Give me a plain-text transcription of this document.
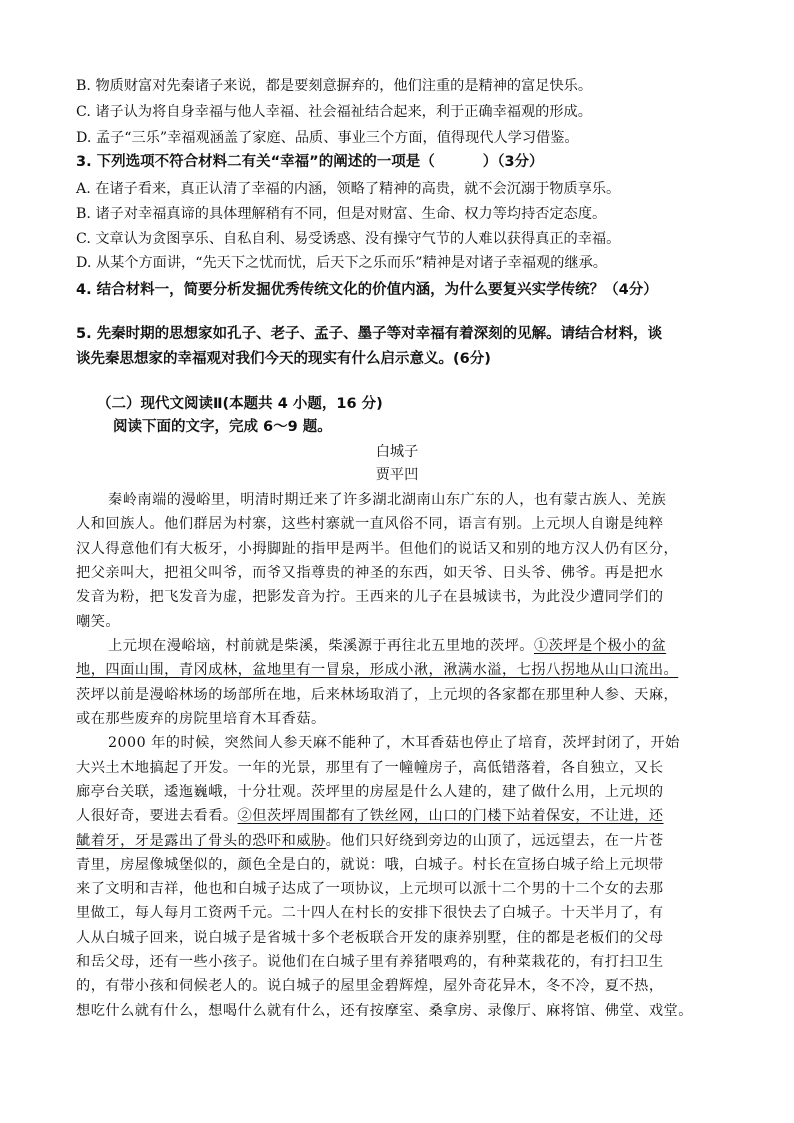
B. 物质财富对先秦诸子来说，都是要刻意摒弃的，他们注重的是精神的富足快乐。
C. 诸子认为将自身幸福与他人幸福、社会福祉结合起来，利于正确幸福观的形成。
D. 孟子“三乐”幸福观涵盖了家庭、品质、事业三个方面，值得现代人学习借鉴。
3. 下列选项不符合材料二有关“幸福”的阐述的一项是（	）（3分）
A. 在诸子看来，真正认清了幸福的内涵，领略了精神的高贵，就不会沉溺于物质享乐。
B. 诸子对幸福真谛的具体理解稍有不同，但是对财富、生命、权力等均持否定态度。
C. 文章认为贪图享乐、自私自利、易受诱惑、没有操守气节的人难以获得真正的幸福。
D. 从某个方面讲，“先天下之忧而忧，后天下之乐而乐”精神是对诸子幸福观的继承。
4. 结合材料一，简要分析发掘优秀传统文化的价值内涵，为什么要复兴实学传统？（4分）
5. 先秦时期的思想家如孔子、老子、孟子、墨子等对幸福有着深刻的见解。请结合材料，谈
谈先秦思想家的幸福观对我们今天的现实有什么启示意义。(6分)
（二）现代文阅读Ⅱ(本题共 4 小题，16 分)
阅读下面的文字，完成 6～9 题。
白城子
贾平凹
秦岭南端的漫峪里，明清时期迁来了许多湖北湖南山东广东的人，也有蒙古族人、羌族
人和回族人。他们群居为村寨，这些村寨就一直风俗不同，语言有别。上元坝人自谢是纯粹
汉人得意他们有大板牙，小拇脚趾的指甲是两半。但他们的说话又和别的地方汉人仍有区分，
把父亲叫大，把祖父叫爷，而爷又指尊贵的神圣的东西，如天爷、日头爷、佛爷。再是把水
发音为粉，把飞发音为虚，把影发音为拧。王西来的儿子在县城读书，为此没少遭同学们的
嘲笑。
上元坝在漫峪垴，村前就是柴溪，柴溪源于再往北五里地的茨坪。①茨坪是个极小的盆
地，四面山围，青冈成林，盆地里有一冒泉，形成小湫，湫满水溢，七拐八拐地从山口流出。
茨坪以前是漫峪林场的场部所在地，后来林场取消了，上元坝的各家都在那里种人参、天麻，
或在那些废弃的房院里培育木耳香菇。
2000 年的时候，突然间人参天麻不能种了，木耳香菇也停止了培育，茨坪封闭了，开始
大兴土木地搞起了开发。一年的光景，那里有了一幢幢房子，高低错落着，各自独立，又长
廊亭台关联，逶迤巍峨，十分壮观。茨坪里的房屋是什么人建的，建了做什么用，上元坝的
人很好奇，要进去看看。②但茨坪周围都有了铁丝网，山口的门楼下站着保安，不让进，还
龇着牙，牙是露出了骨头的恐吓和威胁。他们只好绕到旁边的山顶了，远远望去，在一片苍
青里，房屋像城堡似的，颜色全是白的，就说：哦，白城子。村长在宣扬白城子给上元坝带
来了文明和吉祥，他也和白城子达成了一项协议，上元坝可以派十二个男的十二个女的去那
里做工，每人每月工资两千元。二十四人在村长的安排下很快去了白城子。十天半月了，有
人从白城子回来，说白城子是省城十多个老板联合开发的康养别墅，住的都是老板们的父母
和岳父母，还有一些小孩子。说他们在白城子里有养猪喂鸡的，有种菜栽花的，有打扫卫生
的，有带小孩和伺候老人的。说白城子的屋里金碧辉煌，屋外奇花异木，冬不冷，夏不热，
想吃什么就有什么，想喝什么就有什么，还有按摩室、桑拿房、录像厅、麻将馆、佛堂、戏堂。
